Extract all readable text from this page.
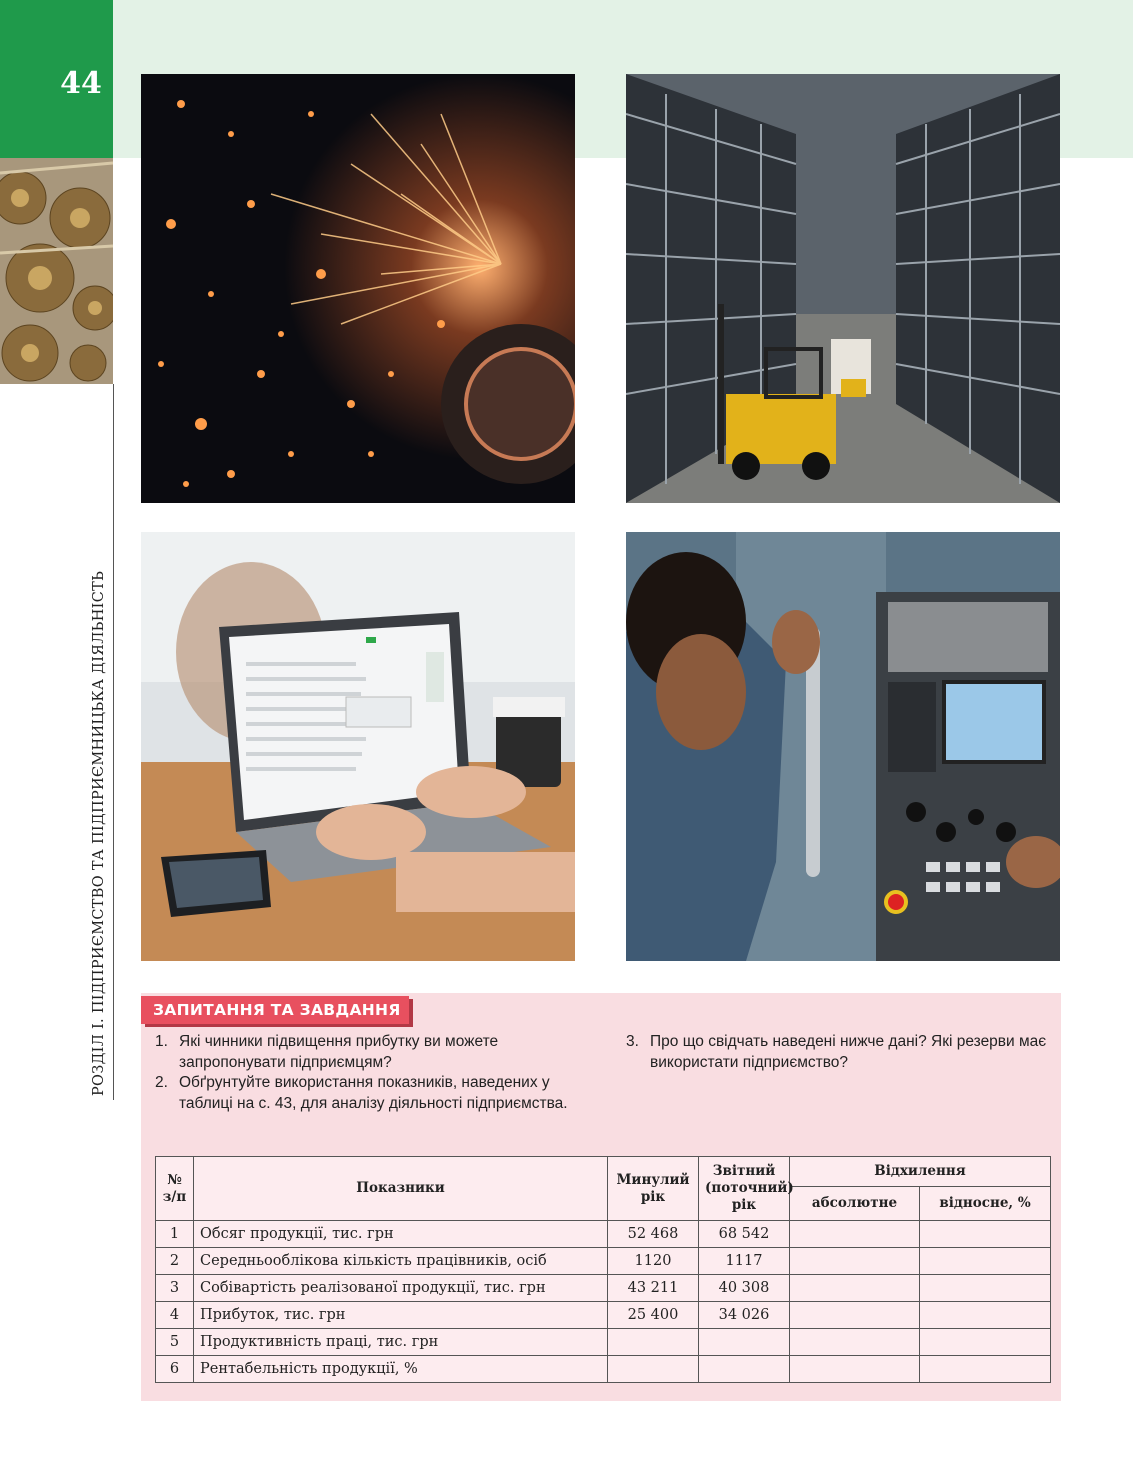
44
РОЗДІЛ І. ПІДПРИЄМСТВО ТА ПІДПРИЄМНИЦЬКА ДІЯЛЬНІСТЬ	ЗАПИТАННЯ ТА ЗАВДАННЯ
1. Які чинники підвищення прибутку ви можете запропонувати підприємцям?
2. Обґрунтуйте використання показників, наведених у таблиці на с. 43, для аналізу діяльності підприємства.
3. Про що свідчать наведені нижче дані? Які резерви має використати підприємство?
№ з/п	Показники	Минулий рік	Звітний (поточний) рік	Відхилення	
				абсолютне	відносне, %
1	Обсяг продукції, тис. грн	52 468	68 542		
2	Середньооблікова кількість працівників, осіб	1120	1117		
3	Собівартість реалізованої продукції, тис. грн	43 211	40 308		
4	Прибуток, тис. грн	25 400	34 026		
5	Продуктивність праці, тис. грн				
6	Рентабельність продукції, %				
